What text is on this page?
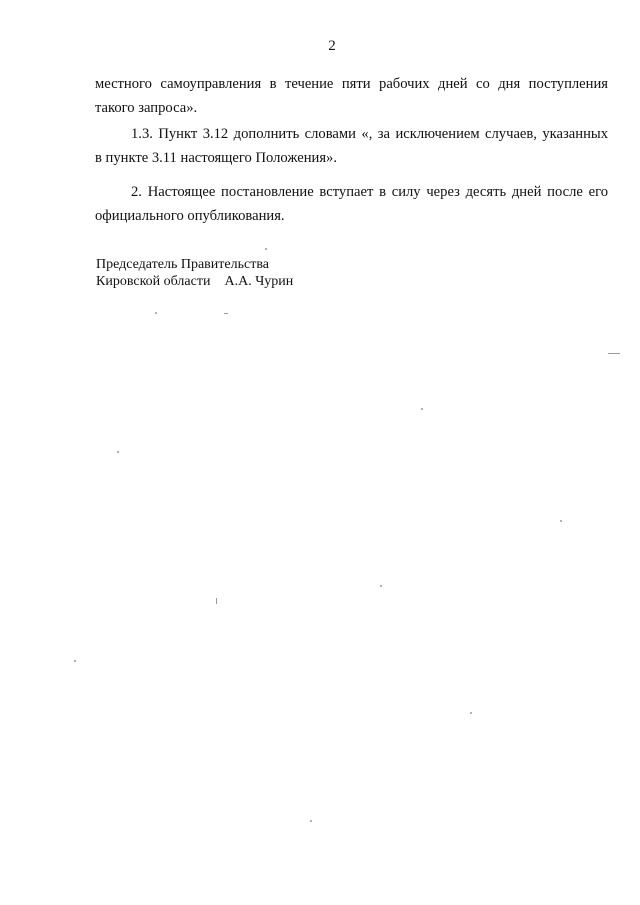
2
местного самоуправления в течение пяти рабочих дней со дня поступления
такого запроса».
1.3. Пункт 3.12 дополнить словами «, за исключением случаев, указанных
в пункте 3.11 настоящего Положения».
2. Настоящее постановление вступает в силу через десять дней после его
официального опубликования.
Председатель Правительства
Кировской области А.А. Чурин
